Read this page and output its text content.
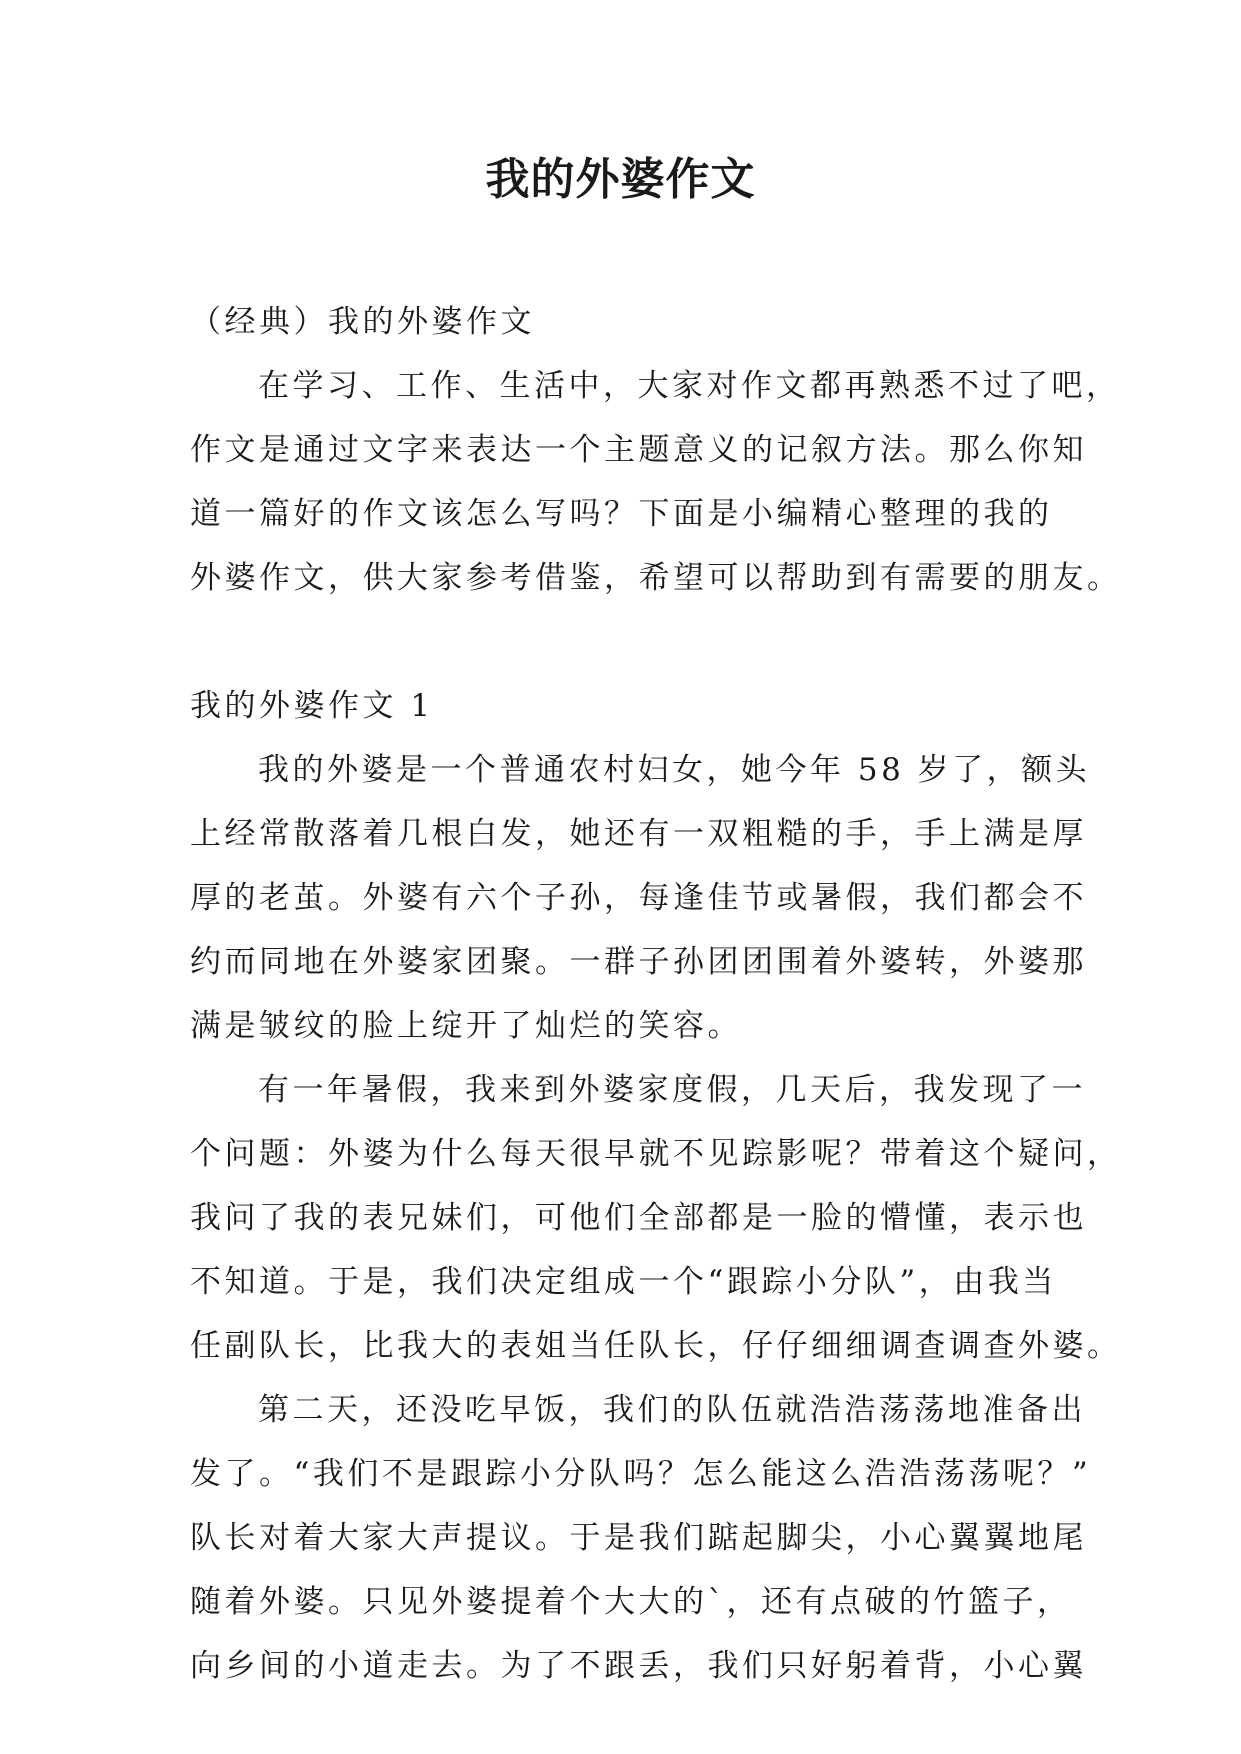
我的外婆作文
（经典）我的外婆作文
在学习、工作、生活中，大家对作文都再熟悉不过了吧，
作文是通过文字来表达一个主题意义的记叙方法。那么你知
道一篇好的作文该怎么写吗？下面是小编精心整理的我的
外婆作文，供大家参考借鉴，希望可以帮助到有需要的朋友。
我的外婆作文 1
我的外婆是一个普通农村妇女，她今年 58 岁了，额头
上经常散落着几根白发，她还有一双粗糙的手，手上满是厚
厚的老茧。外婆有六个子孙，每逢佳节或暑假，我们都会不
约而同地在外婆家团聚。一群子孙团团围着外婆转，外婆那
满是皱纹的脸上绽开了灿烂的笑容。
有一年暑假，我来到外婆家度假，几天后，我发现了一
个问题：外婆为什么每天很早就不见踪影呢？带着这个疑问，
我问了我的表兄妹们，可他们全部都是一脸的懵懂，表示也
不知道。于是，我们决定组成一个“跟踪小分队”，由我当
任副队长，比我大的表姐当任队长，仔仔细细调查调查外婆。
第二天，还没吃早饭，我们的队伍就浩浩荡荡地准备出
发了。“我们不是跟踪小分队吗？怎么能这么浩浩荡荡呢？”
队长对着大家大声提议。于是我们踮起脚尖，小心翼翼地尾
随着外婆。只见外婆提着个大大的`，还有点破的竹篮子，
向乡间的小道走去。为了不跟丢，我们只好躬着背，小心翼
